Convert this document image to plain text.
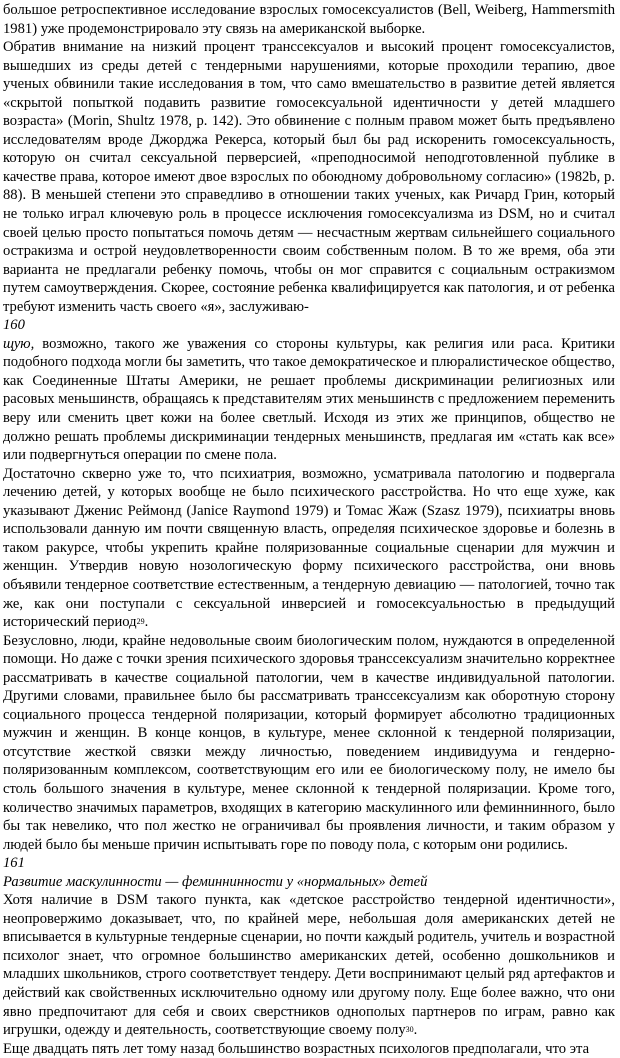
большое ретроспективное исследование взрослых гомосексуалистов (Bell, Weiberg, Hammersmith 1981) уже продемонстрировало эту связь на американской выборке.

Обратив внимание на низкий процент транссексуалов и высокий процент гомосексуалистов, вышедших из среды детей с тендерными нарушениями, которые проходили терапию, двое ученых обвинили такие исследования в том, что само вмешательство в развитие детей является «скрытой попыткой подавить развитие гомосексуальной идентичности у детей младшего возраста» (Morin, Shultz 1978, р. 142). Это обвинение с полным правом может быть предъявлено исследователям вроде Джорджа Рекерса, который был бы рад искоренить гомосексуальность, которую он считал сексуальной перверсией, «преподносимой неподготовленной публике в качестве права, которое имеют двое взрослых по обоюдному добровольному согласию» (1982b, р. 88). В меньшей степени это справедливо в отношении таких ученых, как Ричард Грин, который не только играл ключевую роль в процессе исключения гомосексуализма из DSM, но и считал своей целью просто попытаться помочь детям — несчастным жертвам сильнейшего социального остракизма и острой неудовлетворенности своим собственным полом. В то же время, оба эти варианта не предлагали ребенку помочь, чтобы он мог справится с социальным остракизмом путем самоутверждения. Скорее, состояние ребенка квалифицируется как патология, и от ребенка требуют изменить часть своего «я», заслуживаю-

160

щую, возможно, такого же уважения со стороны культуры, как религия или раса. Критики подобного подхода могли бы заметить, что такое демократическое и плюралистическое общество, как Соединенные Штаты Америки, не решает проблемы дискриминации религиозных или расовых меньшинств, обращаясь к представителям этих меньшинств с предложением переменить веру или сменить цвет кожи на более светлый. Исходя из этих же принципов, общество не должно решать проблемы дискриминации тендерных меньшинств, предлагая им «стать как все» или подвергнуться операции по смене пола.

Достаточно скверно уже то, что психиатрия, возможно, усматривала патологию и подвергала лечению детей, у которых вообще не было психического расстройства. Но что еще хуже, как указывают Дженис Реймонд (Janice Raymond 1979) и Томас Жаж (Szasz 1979), психиатры вновь использовали данную им почти священную власть, определяя психическое здоровье и болезнь в таком ракурсе, чтобы укрепить крайне поляризованные социальные сценарии для мужчин и женщин. Утвердив новую нозологическую форму психического расстройства, они вновь объявили тендерное соответствие естественным, а тендерную девиацию — патологией, точно так же, как они поступали с сексуальной инверсией и гомосексуальностью в предыдущий исторический период$^{29}$.

Безусловно, люди, крайне недовольные своим биологическим полом, нуждаются в определенной помощи. Но даже с точки зрения психического здоровья транссексуализм значительно корректнее рассматривать в качестве социальной патологии, чем в качестве индивидуальной патологии. Другими словами, правильнее было бы рассматривать транссексуализм как оборотную сторону социального процесса тендерной поляризации, который формирует абсолютно традиционных мужчин и женщин. В конце концов, в культуре, менее склонной к тендерной поляризации, отсутствие жесткой связки между личностью, поведением индивидуума и гендерно-поляризованным комплексом, соответствующим его или ее биологическому полу, не имело бы столь большого значения в культуре, менее склонной к тендерной поляризации. Кроме того, количество значимых параметров, входящих в категорию маскулинного или феминнинного, было бы так невелико, что пол жестко не ограничивал бы проявления личности, и таким образом у людей было бы меньше причин испытывать горе по поводу пола, с которым они родились.

161

Развитие маскулинности — феминнинности у «нормальных» детей

Хотя наличие в DSM такого пункта, как «детское расстройство тендерной идентичности», неопровержимо доказывает, что, по крайней мере, небольшая доля американских детей не вписывается в культурные тендерные сценарии, но почти каждый родитель, учитель и возрастной психолог знает, что огромное большинство американских детей, особенно дошкольников и младших школьников, строго соответствует тендеру. Дети воспринимают целый ряд артефактов и действий как свойственных исключительно одному или другому полу. Еще более важно, что они явно предпочитают для себя и своих сверстников однополых партнеров по играм, равно как игрушки, одежду и деятельность, соответствующие своему полу$^{30}$.

Еще двадцать пять лет тому назад большинство возрастных психологов предполагали, что эта
